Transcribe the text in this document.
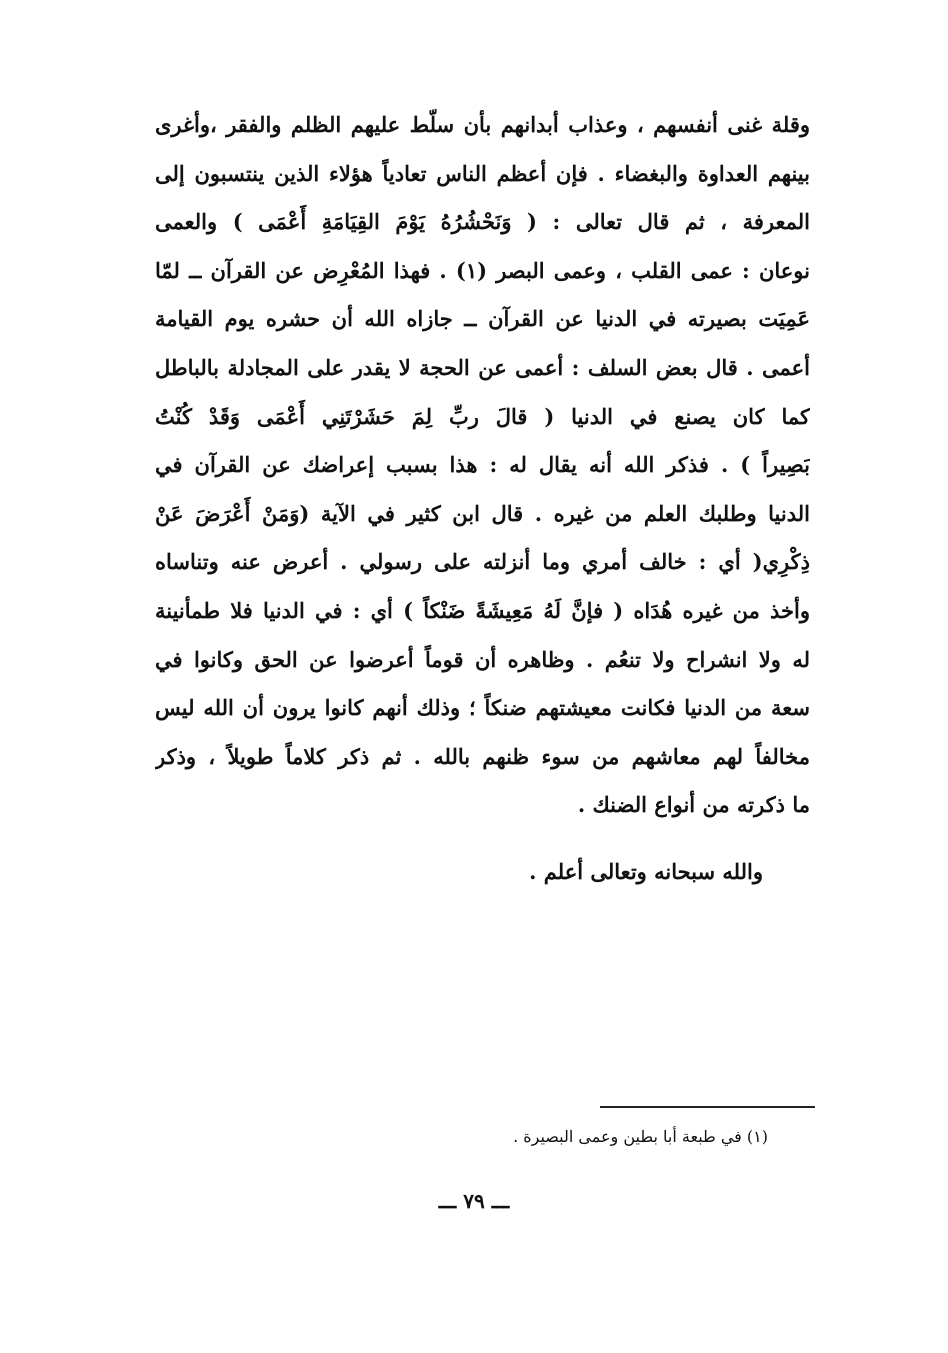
وقلة غنى أنفسهم ، وعذاب أبدانهم بأن سلّط عليهم الظلم والفقر ،وأغرى
بينهم العداوة والبغضاء . فإن أعظم الناس تعادياً هؤلاء الذين ينتسبون إلى
المعرفة ، ثم قال تعالى : ( وَنَحْشُرُهُ يَوْمَ القِيَامَةِ أَعْمَى ) والعمى
نوعان : عمى القلب ، وعمى البصر (١) . فهذا المُعْرِض عن القرآن ــ لمّا
عَمِيَت بصيرته في الدنيا عن القرآن ــ جازاه الله أن حشره يوم القيامة
أعمى . قال بعض السلف : أعمى عن الحجة لا يقدر على المجادلة بالباطل
كما كان يصنع في الدنيا ( قالَ ربِّ لِمَ حَشَرْتَنِي أَعْمَى وَقَدْ كُنْتُ
بَصِيراً ) . فذكر الله أنه يقال له : هذا بسبب إعراضك عن القرآن في
الدنيا وطلبك العلم من غيره . قال ابن كثير في الآية (وَمَنْ أَعْرَضَ عَنْ
ذِكْرِي( أي : خالف أمري وما أنزلته على رسولي . أعرض عنه وتناساه
وأخذ من غيره هُدَاه ( فإنَّ لَهُ مَعِيشَةً ضَنْكاً ) أي : في الدنيا فلا طمأنينة
له ولا انشراح ولا تنعُم . وظاهره أن قوماً أعرضوا عن الحق وكانوا في
سعة من الدنيا فكانت معيشتهم ضنكاً ؛ وذلك أنهم كانوا يرون أن الله ليس
مخالفاً لهم معاشهم من سوء ظنهم بالله . ثم ذكر كلاماً طويلاً ، وذكر
ما ذكرته من أنواع الضنك .
والله سبحانه وتعالى أعلم .
(١) في طبعة أبا بطين وعمى البصيرة .
ـــ ٧٩ ـــ
